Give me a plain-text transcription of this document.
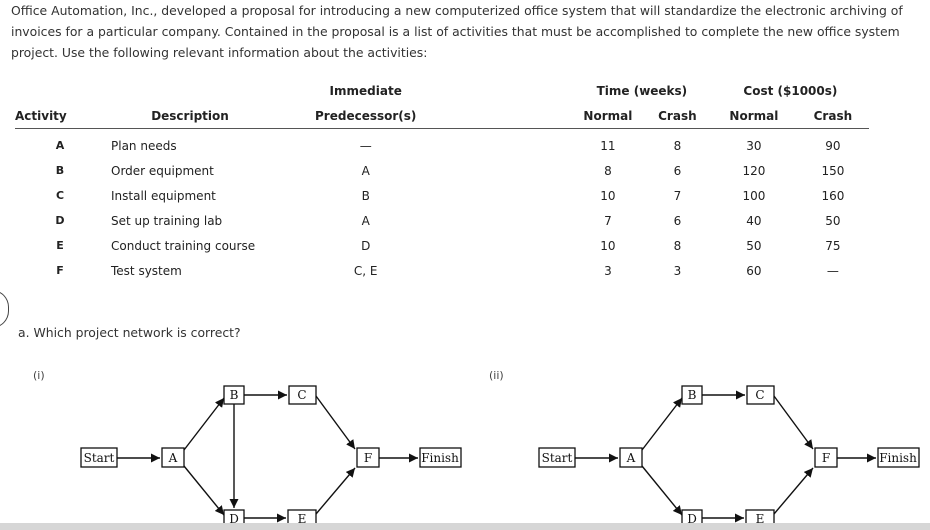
Office Automation, Inc., developed a proposal for introducing a new computerized office system that will standardize the electronic archiving of invoices for a particular company. Contained in the proposal is a list of activities that must be accomplished to complete the new office system project. Use the following relevant information about the activities:
			Immediate			Time (weeks)		Cost ($1000s)	
Activity	Description		Predecessor(s)			Normal	Crash	Normal	Crash
A	Plan needs		—			11	8	30	90
B	Order equipment		A			8	6	120	150
C	Install equipment		B			10	7	100	160
D	Set up training lab		A			7	6	40	50
E	Conduct training course		D			10	8	50	75
F	Test system		C, E			3	3	60	—
a. Which project network is correct?
(i)	(ii)
Start	A
B	C
D	E
F	Finish	Start	A
B	C
D	E
F	Finish
